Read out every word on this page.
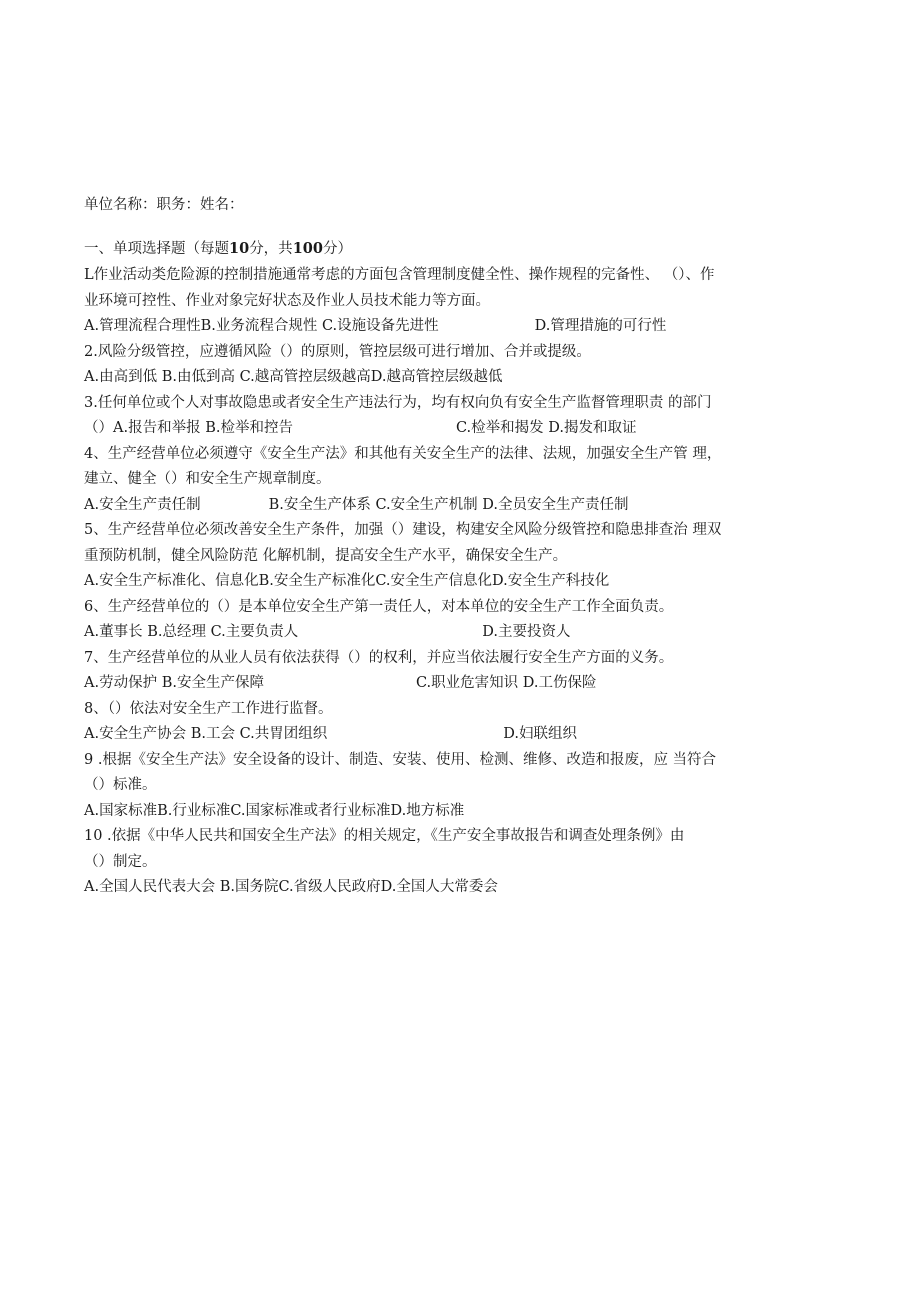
单位名称：职务：姓名：
一、单项选择题（每题10分，共100分）
L作业活动类危险源的控制措施通常考虑的方面包含管理制度健全性、操作规程的完备性、 （）、作
业环境可控性、作业对象完好状态及作业人员技术能力等方面。
A.管理流程合理性B.业务流程合规性 C.设施设备先进性	D.管理措施的可行性
2.风险分级管控，应遵循风险（）的原则，管控层级可进行增加、合并或提级。
A.由高到低 B.由低到高 C.越高管控层级越高D.越高管控层级越低
3.任何单位或个人对事故隐患或者安全生产违法行为，均有权向负有安全生产监督管理职责 的部门
（）A.报告和举报 B.检举和控告	C.检举和揭发 D.揭发和取证
4、生产经营单位必须遵守《安全生产法》和其他有关安全生产的法律、法规，加强安全生产管 理，
建立、健全（）和安全生产规章制度。
A.安全生产责任制	B.安全生产体系 C.安全生产机制 D.全员安全生产责任制
5、生产经营单位必须改善安全生产条件，加强（）建设，构建安全风险分级管控和隐患排查治 理双
重预防机制，健全风险防范 化解机制，提高安全生产水平，确保安全生产。
A.安全生产标准化、信息化B.安全生产标准化C.安全生产信息化D.安全生产科技化
6、生产经营单位的（）是本单位安全生产第一责任人，对本单位的安全生产工作全面负责。
A.董事长 B.总经理 C.主要负责人	D.主要投资人
7、生产经营单位的从业人员有依法获得（）的权利，并应当依法履行安全生产方面的义务。
A.劳动保护 B.安全生产保障	C.职业危害知识 D.工伤保险
8、（）依法对安全生产工作进行监督。
A.安全生产协会 B.工会 C.共胃团组织	D.妇联组织
9 .根据《安全生产法》安全设备的设计、制造、安装、使用、检测、维修、改造和报废，应 当符合
（）标准。
A.国家标准B.行业标准C.国家标准或者行业标准D.地方标准
10 .依据《中华人民共和国安全生产法》的相关规定，《生产安全事故报告和调查处理条例》由
（）制定。
A.全国人民代表大会 B.国务院C.省级人民政府D.全国人大常委会
